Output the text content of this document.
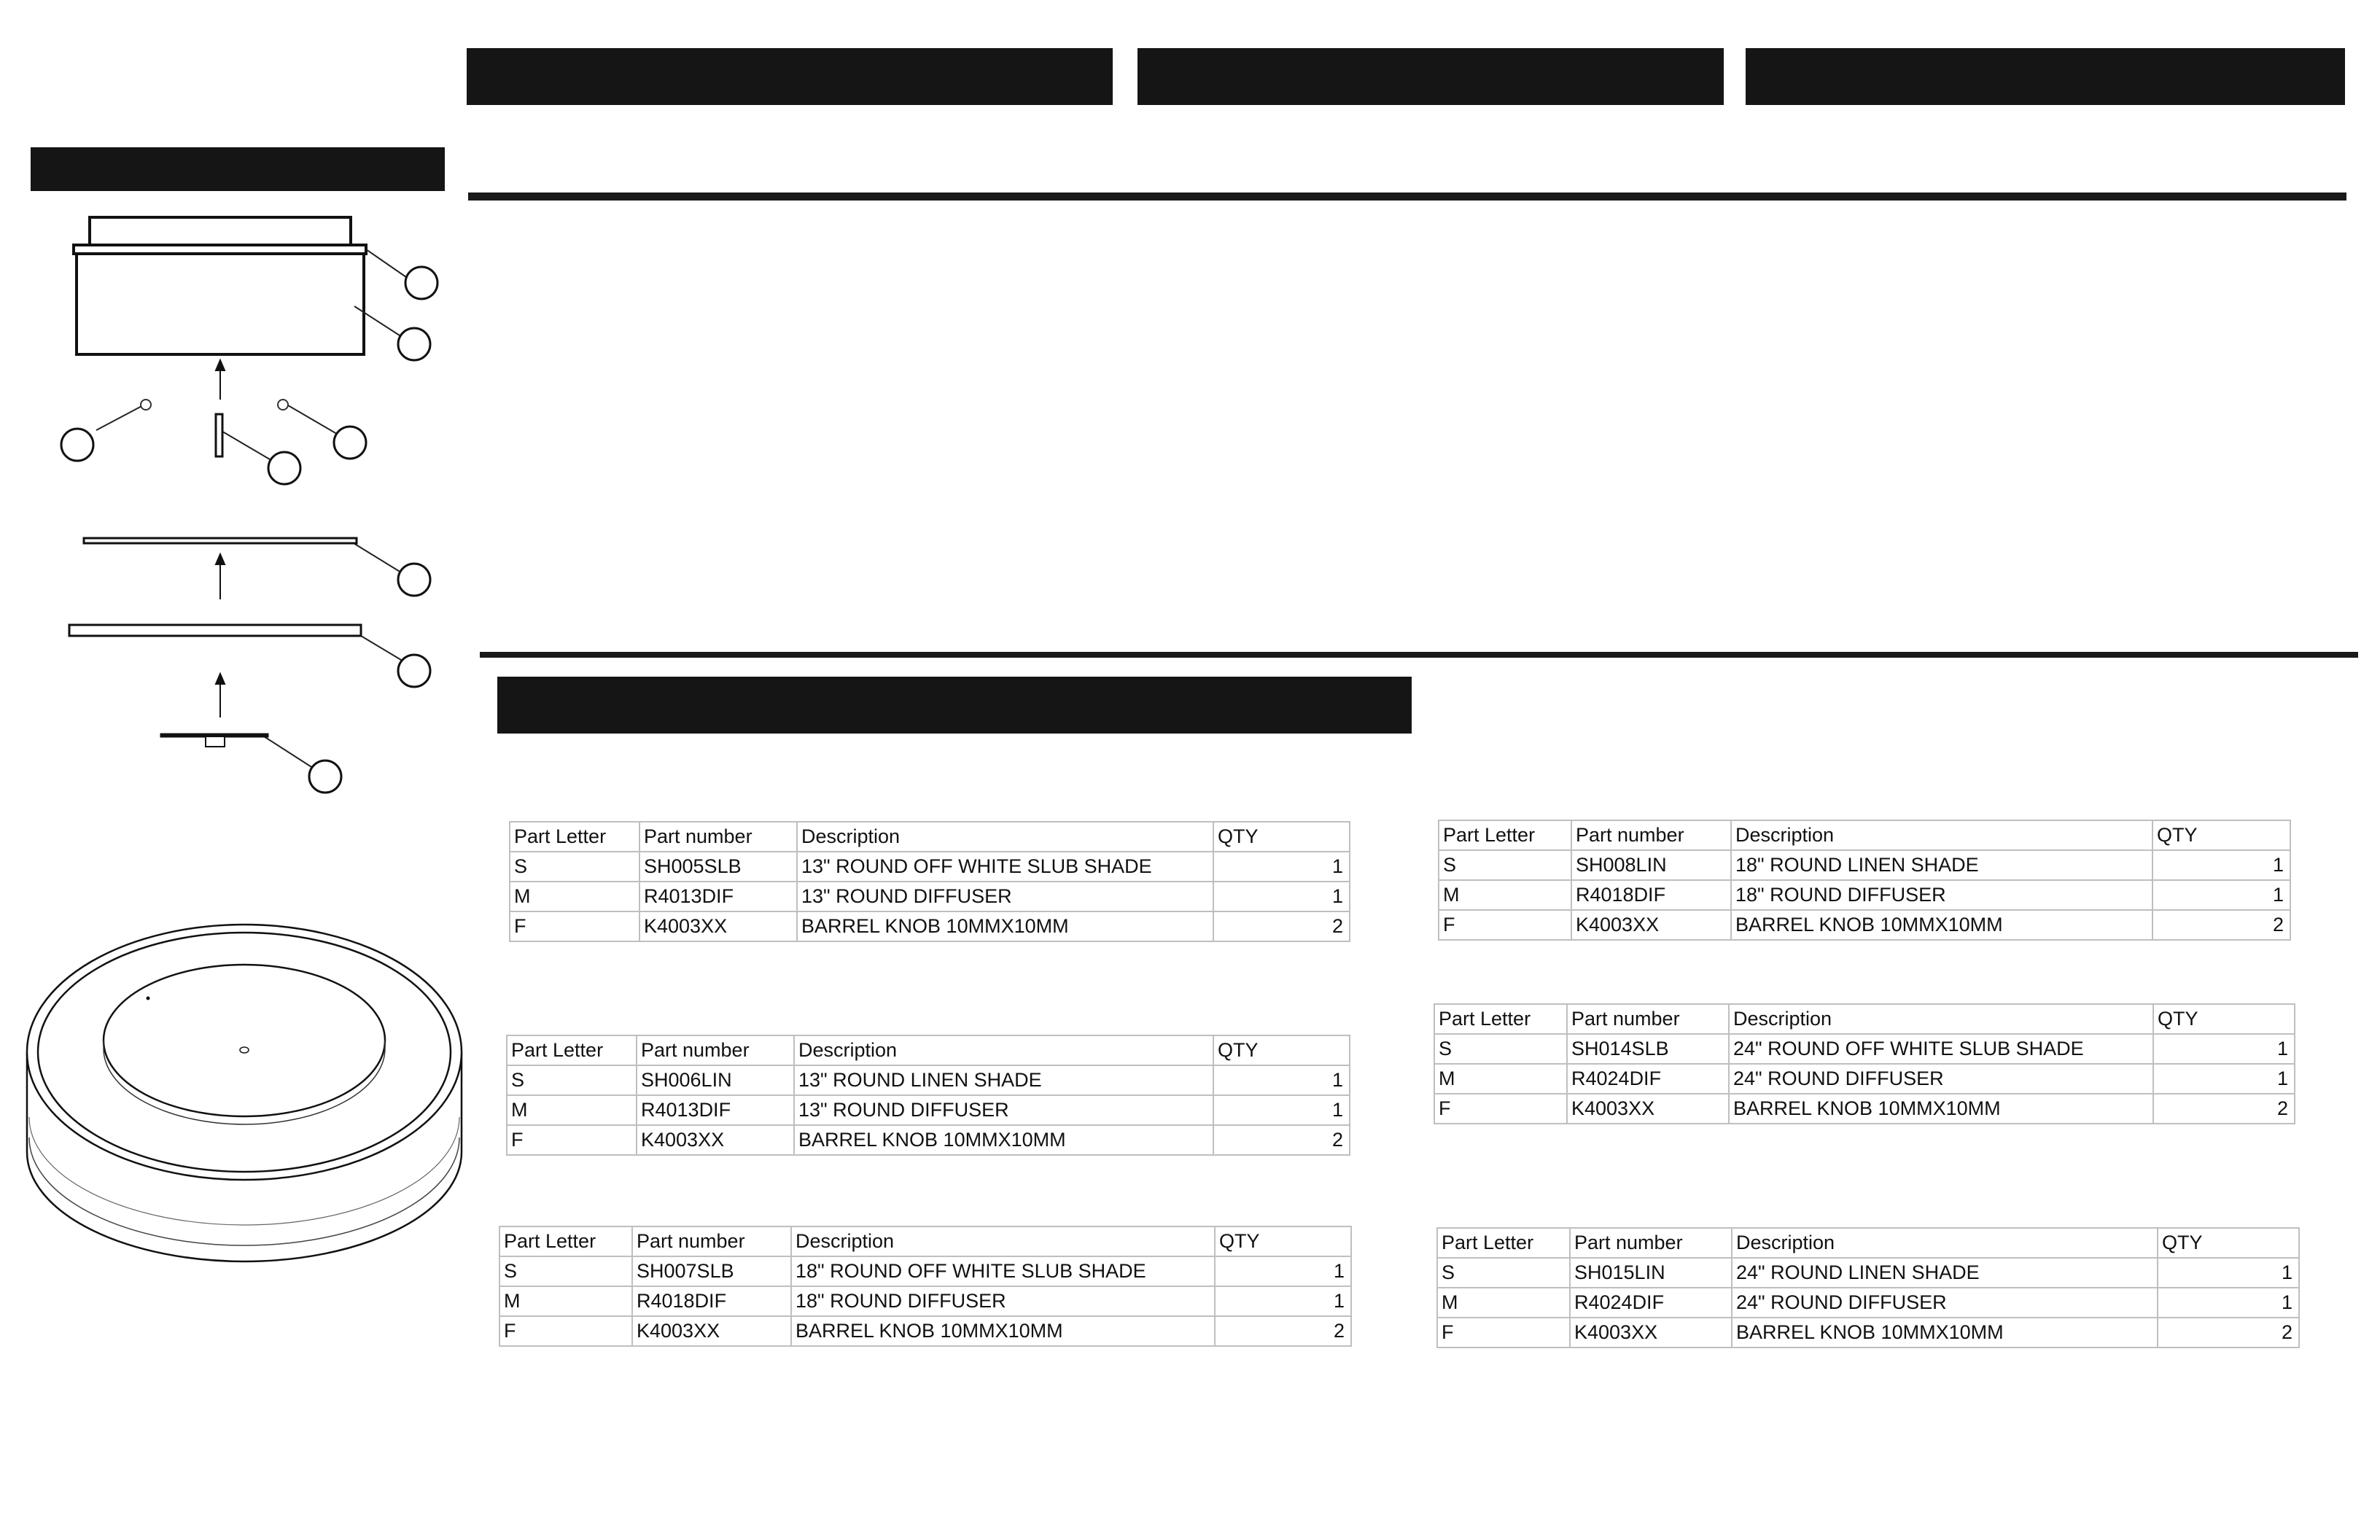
Part Letter	Part number	Description	QTY
S	SH005SLB	13" ROUND OFF WHITE SLUB SHADE	1
M	R4013DIF	13" ROUND DIFFUSER	1
F	K4003XX	BARREL KNOB 10MMX10MM	2
Part Letter	Part number	Description	QTY
S	SH006LIN	13" ROUND LINEN SHADE	1
M	R4013DIF	13" ROUND DIFFUSER	1
F	K4003XX	BARREL KNOB 10MMX10MM	2
Part Letter	Part number	Description	QTY
S	SH007SLB	18" ROUND OFF WHITE SLUB SHADE	1
M	R4018DIF	18" ROUND DIFFUSER	1
F	K4003XX	BARREL KNOB 10MMX10MM	2
Part Letter	Part number	Description	QTY
S	SH008LIN	18" ROUND LINEN SHADE	1
M	R4018DIF	18" ROUND DIFFUSER	1
F	K4003XX	BARREL KNOB 10MMX10MM	2
Part Letter	Part number	Description	QTY
S	SH014SLB	24" ROUND OFF WHITE SLUB SHADE	1
M	R4024DIF	24" ROUND DIFFUSER	1
F	K4003XX	BARREL KNOB 10MMX10MM	2
Part Letter	Part number	Description	QTY
S	SH015LIN	24" ROUND LINEN SHADE	1
M	R4024DIF	24" ROUND DIFFUSER	1
F	K4003XX	BARREL KNOB 10MMX10MM	2
